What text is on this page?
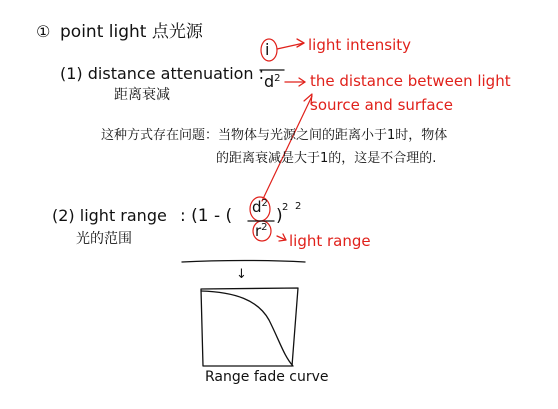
① point light 点光源
(1) distance attenuation :
距离衰减
i
$d^2$
light intensity
the distance between light
source and surface
这种方式存在问题：当物体与光源之间的距离小于1时，物体
的距离衰减是大于1的，这是不合理的.
(2) light range
光的范围
: (1 - ( $d^2$
$r^2$
) 2 2
light range
↓
Range fade curve
